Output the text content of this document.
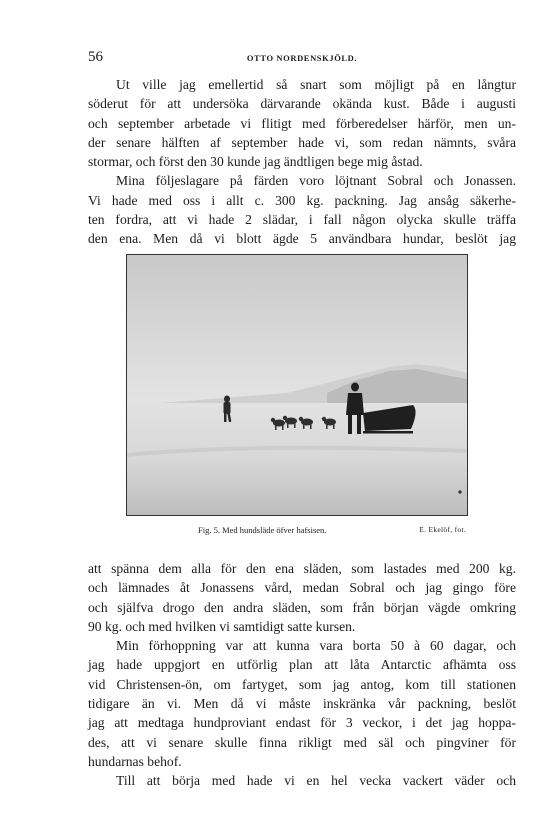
56	OTTO NORDENSKJÖLD.
Ut ville jag emellertid så snart som möjligt på en långtur
söderut för att undersöka därvarande okända kust. Både i augusti
och september arbetade vi flitigt med förberedelser härför, men un-
der senare hälften af september hade vi, som redan nämnts, svåra
stormar, och först den 30 kunde jag ändtligen bege mig åstad.
Mina följeslagare på färden voro löjtnant Sobral och Jonassen.
Vi hade med oss i allt c. 300 kg. packning. Jag ansåg säkerhe-
ten fordra, att vi hade 2 slädar, i fall någon olycka skulle träffa
den ena. Men då vi blott ägde 5 användbara hundar, beslöt jag
Fig. 5. Med hundsläde öfver hafsisen.	E. Ekelöf, fot.
att spänna dem alla för den ena släden, som lastades med 200 kg.
och lämnades åt Jonassens vård, medan Sobral och jag gingo före
och själfva drogo den andra släden, som från början vägde omkring
90 kg. och med hvilken vi samtidigt satte kursen.
Min förhoppning var att kunna vara borta 50 à 60 dagar, och
jag hade uppgjort en utförlig plan att låta Antarctic afhämta oss
vid Christensen-ön, om fartyget, som jag antog, kom till stationen
tidigare än vi. Men då vi måste inskränka vår packning, beslöt
jag att medtaga hundproviant endast för 3 veckor, i det jag hoppa-
des, att vi senare skulle finna rikligt med säl och pingviner för
hundarnas behof.
Till att börja med hade vi en hel vecka vackert väder och
